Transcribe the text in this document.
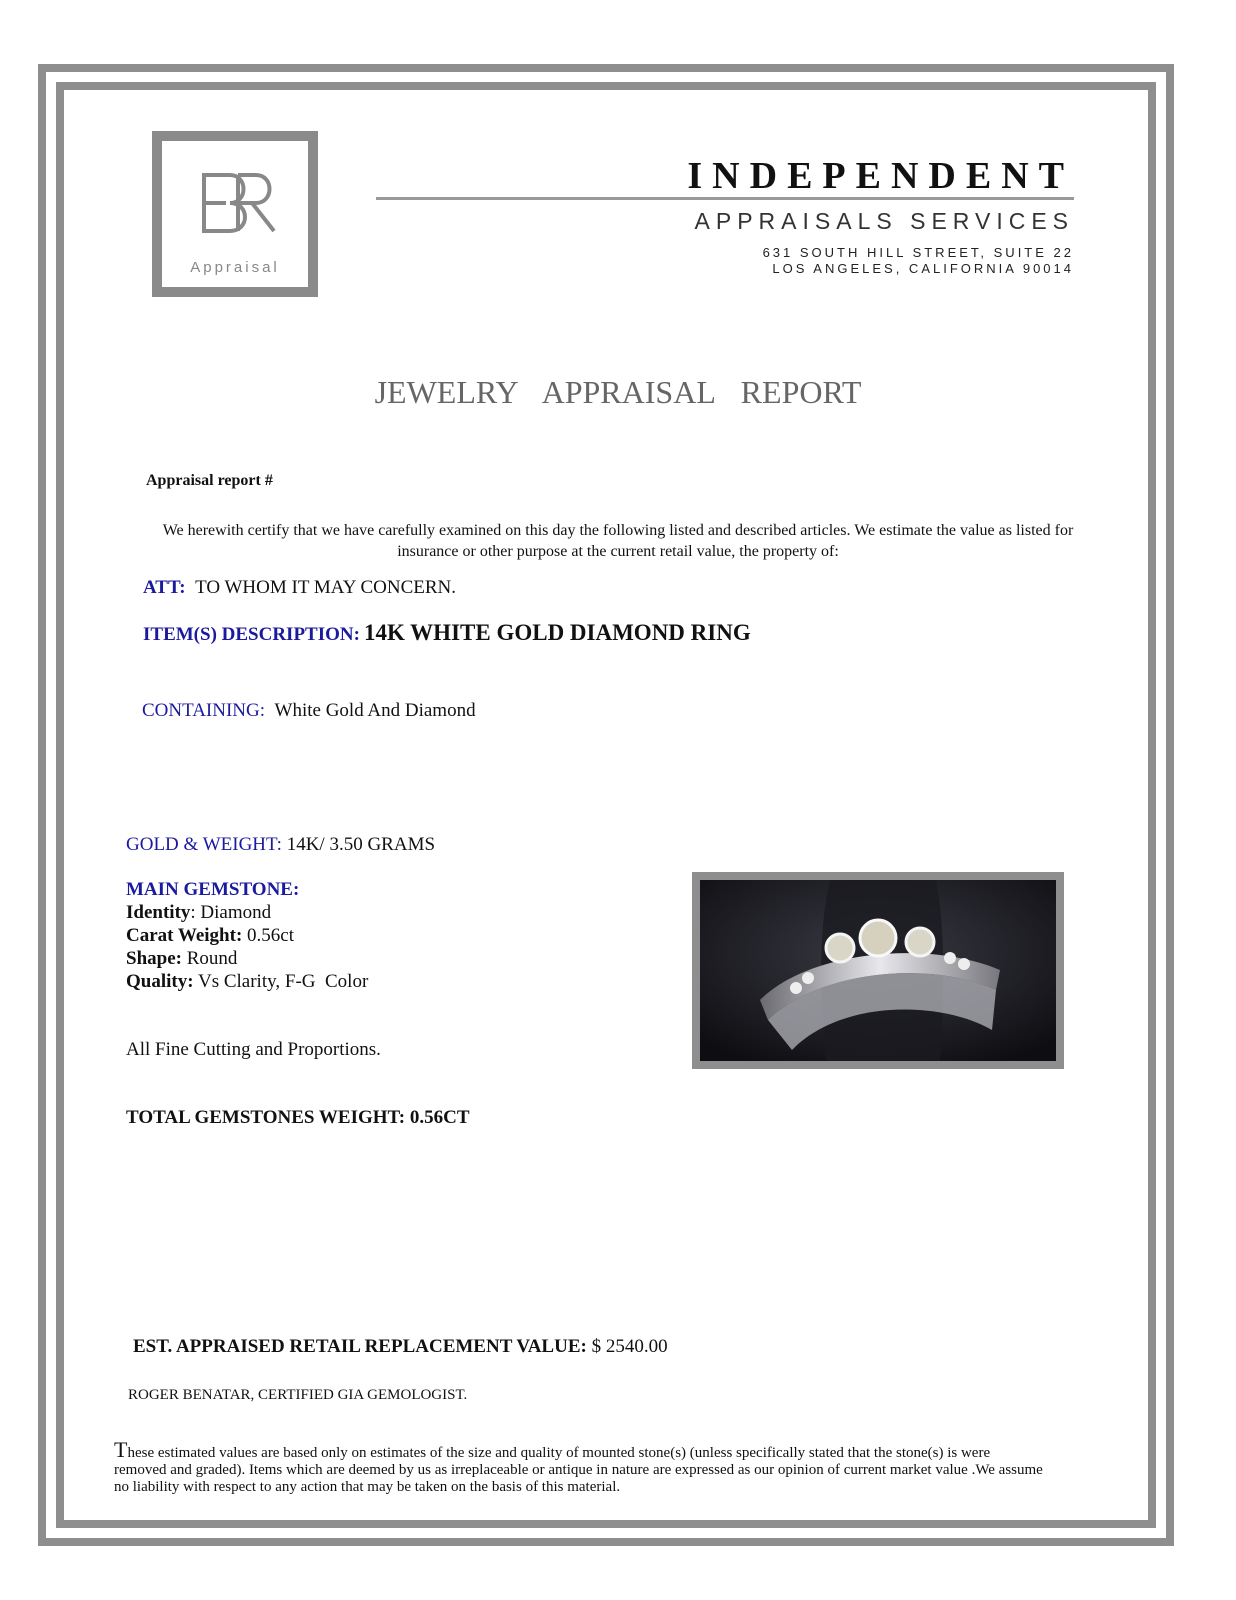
Appraisal
INDEPENDENT
APPRAISALS SERVICES
631 SOUTH HILL STREET, SUITE 22
LOS ANGELES, CALIFORNIA 90014
JEWELRY APPRAISAL REPORT
Appraisal report #
We herewith certify that we have carefully examined on this day the following listed and described articles. We estimate the value as listed for insurance or other purpose at the current retail value, the property of:
ATT: TO WHOM IT MAY CONCERN.
ITEM(S) DESCRIPTION: 14K WHITE GOLD DIAMOND RING
CONTAINING: White Gold And Diamond
GOLD & WEIGHT: 14K/ 3.50 GRAMS
MAIN GEMSTONE:
Identity: Diamond
Carat Weight: 0.56ct
Shape: Round
Quality: Vs Clarity, F-G  Color
All Fine Cutting and Proportions.
TOTAL GEMSTONES WEIGHT: 0.56CT
EST. APPRAISED RETAIL REPLACEMENT VALUE: $ 2540.00
ROGER BENATAR, CERTIFIED GIA GEMOLOGIST.
These estimated values are based only on estimates of the size and quality of mounted stone(s) (unless specifically stated that the stone(s) is were removed and graded). Items which are deemed by us as irreplaceable or antique in nature are expressed as our opinion of current market value .We assume no liability with respect to any action that may be taken on the basis of this material.
